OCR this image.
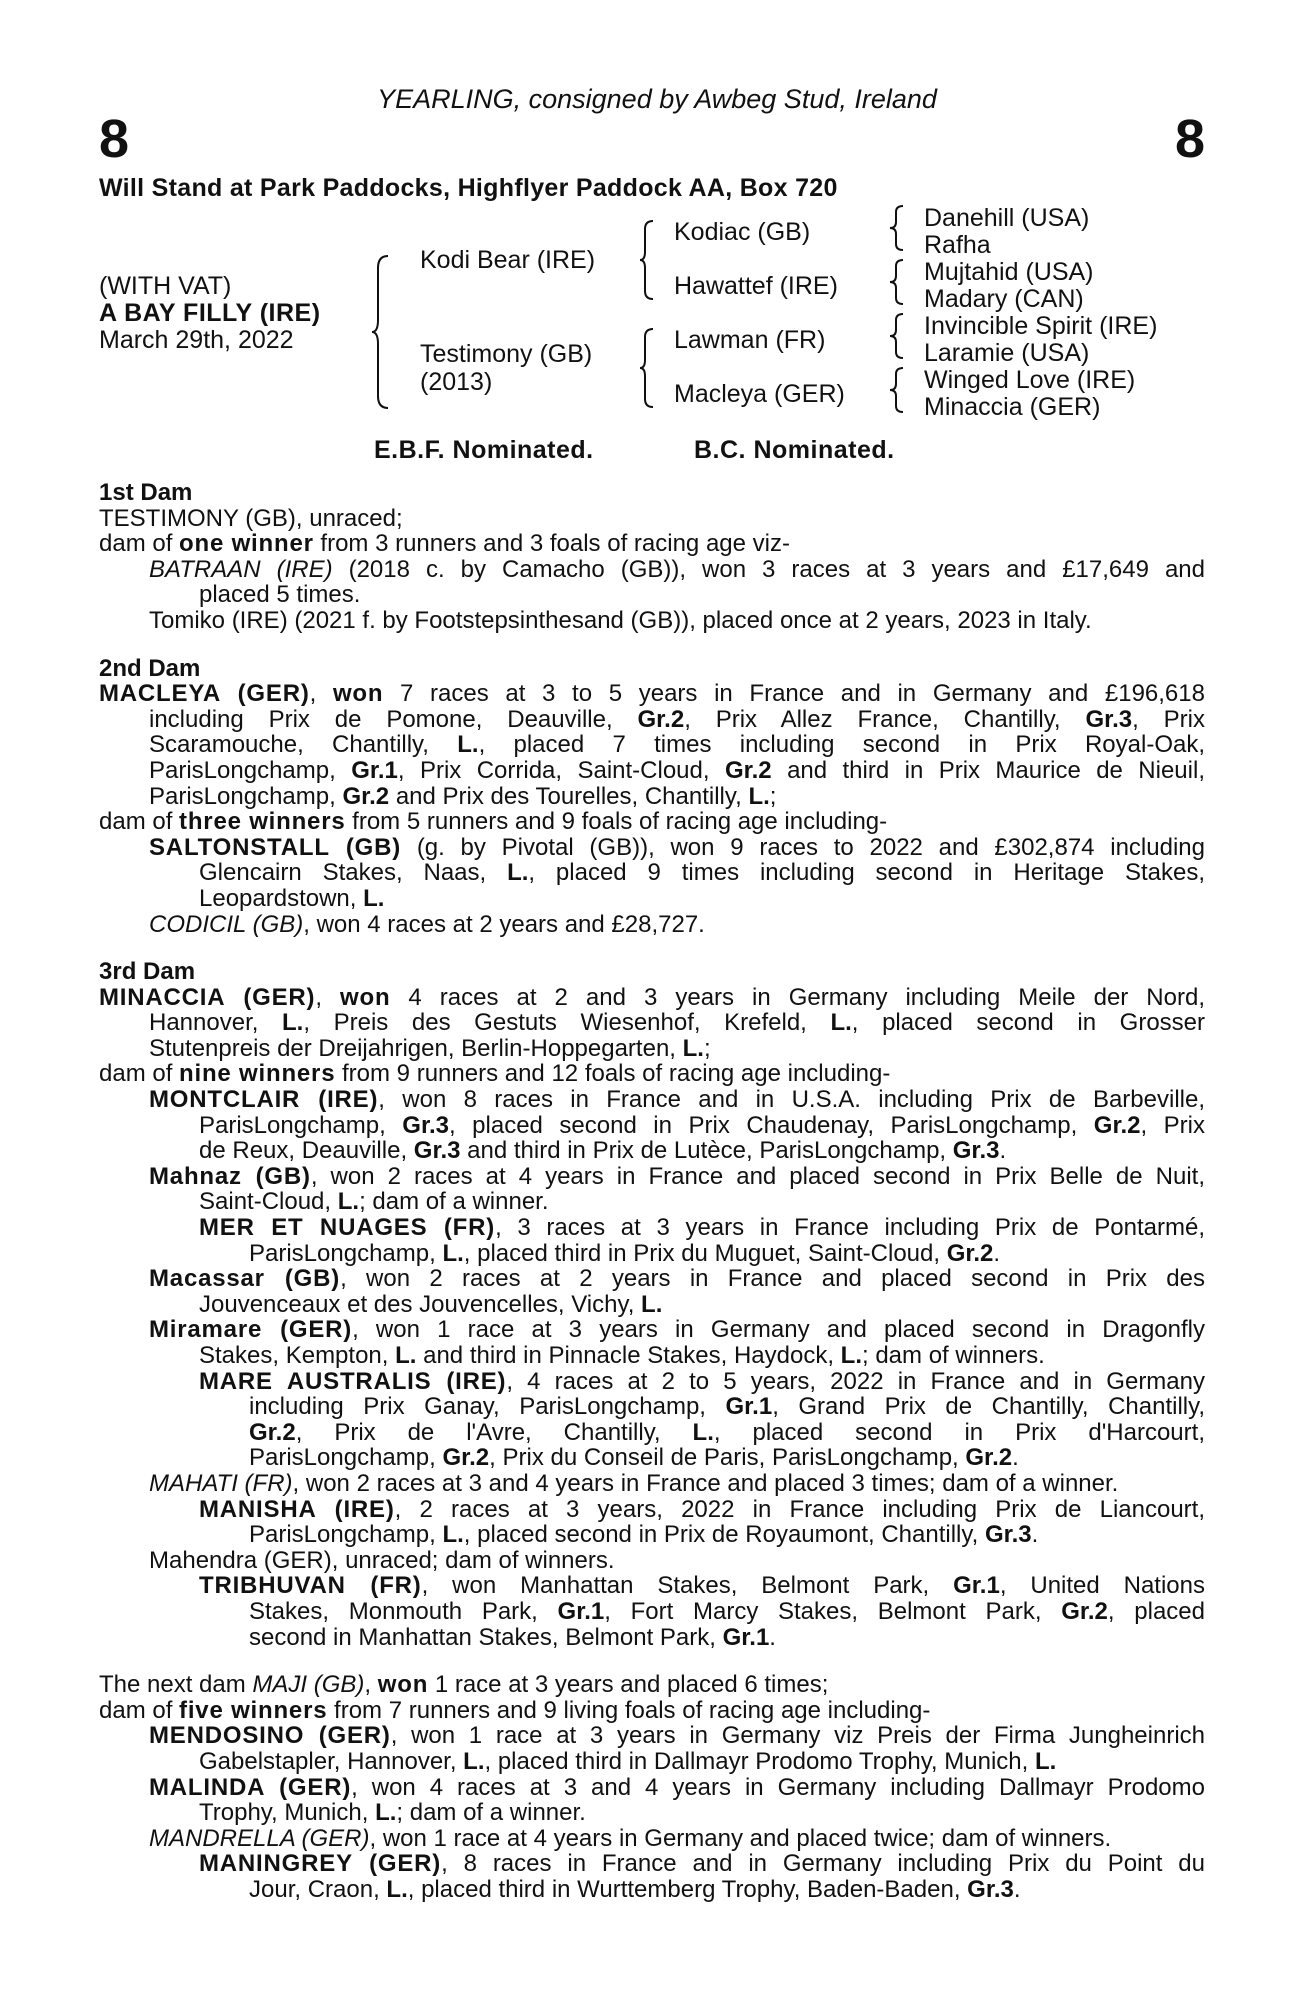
YEARLING, consigned by Awbeg Stud, Ireland
8	8
Will Stand at Park Paddocks, Highflyer Paddock AA, Box 720
(WITH VAT)
A BAY FILLY (IRE)
March 29th, 2022
Kodi Bear (IRE)
Testimony (GB)
(2013)
Kodiac (GB)
Hawattef (IRE)
Lawman (FR)
Macleya (GER)
Danehill (USA)
Rafha
Mujtahid (USA)
Madary (CAN)
Invincible Spirit (IRE)
Laramie (USA)
Winged Love (IRE)
Minaccia (GER)
E.B.F. Nominated.	B.C. Nominated.
1st Dam
TESTIMONY (GB), unraced;
dam of one winner from 3 runners and 3 foals of racing age viz-
BATRAAN (IRE) (2018 c. by Camacho (GB)), won 3 races at 3 years and £17,649 and
placed 5 times.
Tomiko (IRE) (2021 f. by Footstepsinthesand (GB)), placed once at 2 years, 2023 in Italy.
2nd Dam
MACLEYA (GER), won 7 races at 3 to 5 years in France and in Germany and £196,618
including Prix de Pomone, Deauville, Gr.2, Prix Allez France, Chantilly, Gr.3, Prix
Scaramouche, Chantilly, L., placed 7 times including second in Prix Royal-Oak,
ParisLongchamp, Gr.1, Prix Corrida, Saint-Cloud, Gr.2 and third in Prix Maurice de Nieuil,
ParisLongchamp, Gr.2 and Prix des Tourelles, Chantilly, L.;
dam of three winners from 5 runners and 9 foals of racing age including-
SALTONSTALL (GB) (g. by Pivotal (GB)), won 9 races to 2022 and £302,874 including
Glencairn Stakes, Naas, L., placed 9 times including second in Heritage Stakes,
Leopardstown, L.
CODICIL (GB), won 4 races at 2 years and £28,727.
3rd Dam
MINACCIA (GER), won 4 races at 2 and 3 years in Germany including Meile der Nord,
Hannover, L., Preis des Gestuts Wiesenhof, Krefeld, L., placed second in Grosser
Stutenpreis der Dreijahrigen, Berlin-Hoppegarten, L.;
dam of nine winners from 9 runners and 12 foals of racing age including-
MONTCLAIR (IRE), won 8 races in France and in U.S.A. including Prix de Barbeville,
ParisLongchamp, Gr.3, placed second in Prix Chaudenay, ParisLongchamp, Gr.2, Prix
de Reux, Deauville, Gr.3 and third in Prix de Lutèce, ParisLongchamp, Gr.3.
Mahnaz (GB), won 2 races at 4 years in France and placed second in Prix Belle de Nuit,
Saint-Cloud, L.; dam of a winner.
MER ET NUAGES (FR), 3 races at 3 years in France including Prix de Pontarmé,
ParisLongchamp, L., placed third in Prix du Muguet, Saint-Cloud, Gr.2.
Macassar (GB), won 2 races at 2 years in France and placed second in Prix des
Jouvenceaux et des Jouvencelles, Vichy, L.
Miramare (GER), won 1 race at 3 years in Germany and placed second in Dragonfly
Stakes, Kempton, L. and third in Pinnacle Stakes, Haydock, L.; dam of winners.
MARE AUSTRALIS (IRE), 4 races at 2 to 5 years, 2022 in France and in Germany
including Prix Ganay, ParisLongchamp, Gr.1, Grand Prix de Chantilly, Chantilly,
Gr.2, Prix de l'Avre, Chantilly, L., placed second in Prix d'Harcourt,
ParisLongchamp, Gr.2, Prix du Conseil de Paris, ParisLongchamp, Gr.2.
MAHATI (FR), won 2 races at 3 and 4 years in France and placed 3 times; dam of a winner.
MANISHA (IRE), 2 races at 3 years, 2022 in France including Prix de Liancourt,
ParisLongchamp, L., placed second in Prix de Royaumont, Chantilly, Gr.3.
Mahendra (GER), unraced; dam of winners.
TRIBHUVAN (FR), won Manhattan Stakes, Belmont Park, Gr.1, United Nations
Stakes, Monmouth Park, Gr.1, Fort Marcy Stakes, Belmont Park, Gr.2, placed
second in Manhattan Stakes, Belmont Park, Gr.1.
The next dam MAJI (GB), won 1 race at 3 years and placed 6 times;
dam of five winners from 7 runners and 9 living foals of racing age including-
MENDOSINO (GER), won 1 race at 3 years in Germany viz Preis der Firma Jungheinrich
Gabelstapler, Hannover, L., placed third in Dallmayr Prodomo Trophy, Munich, L.
MALINDA (GER), won 4 races at 3 and 4 years in Germany including Dallmayr Prodomo
Trophy, Munich, L.; dam of a winner.
MANDRELLA (GER), won 1 race at 4 years in Germany and placed twice; dam of winners.
MANINGREY (GER), 8 races in France and in Germany including Prix du Point du
Jour, Craon, L., placed third in Wurttemberg Trophy, Baden-Baden, Gr.3.
